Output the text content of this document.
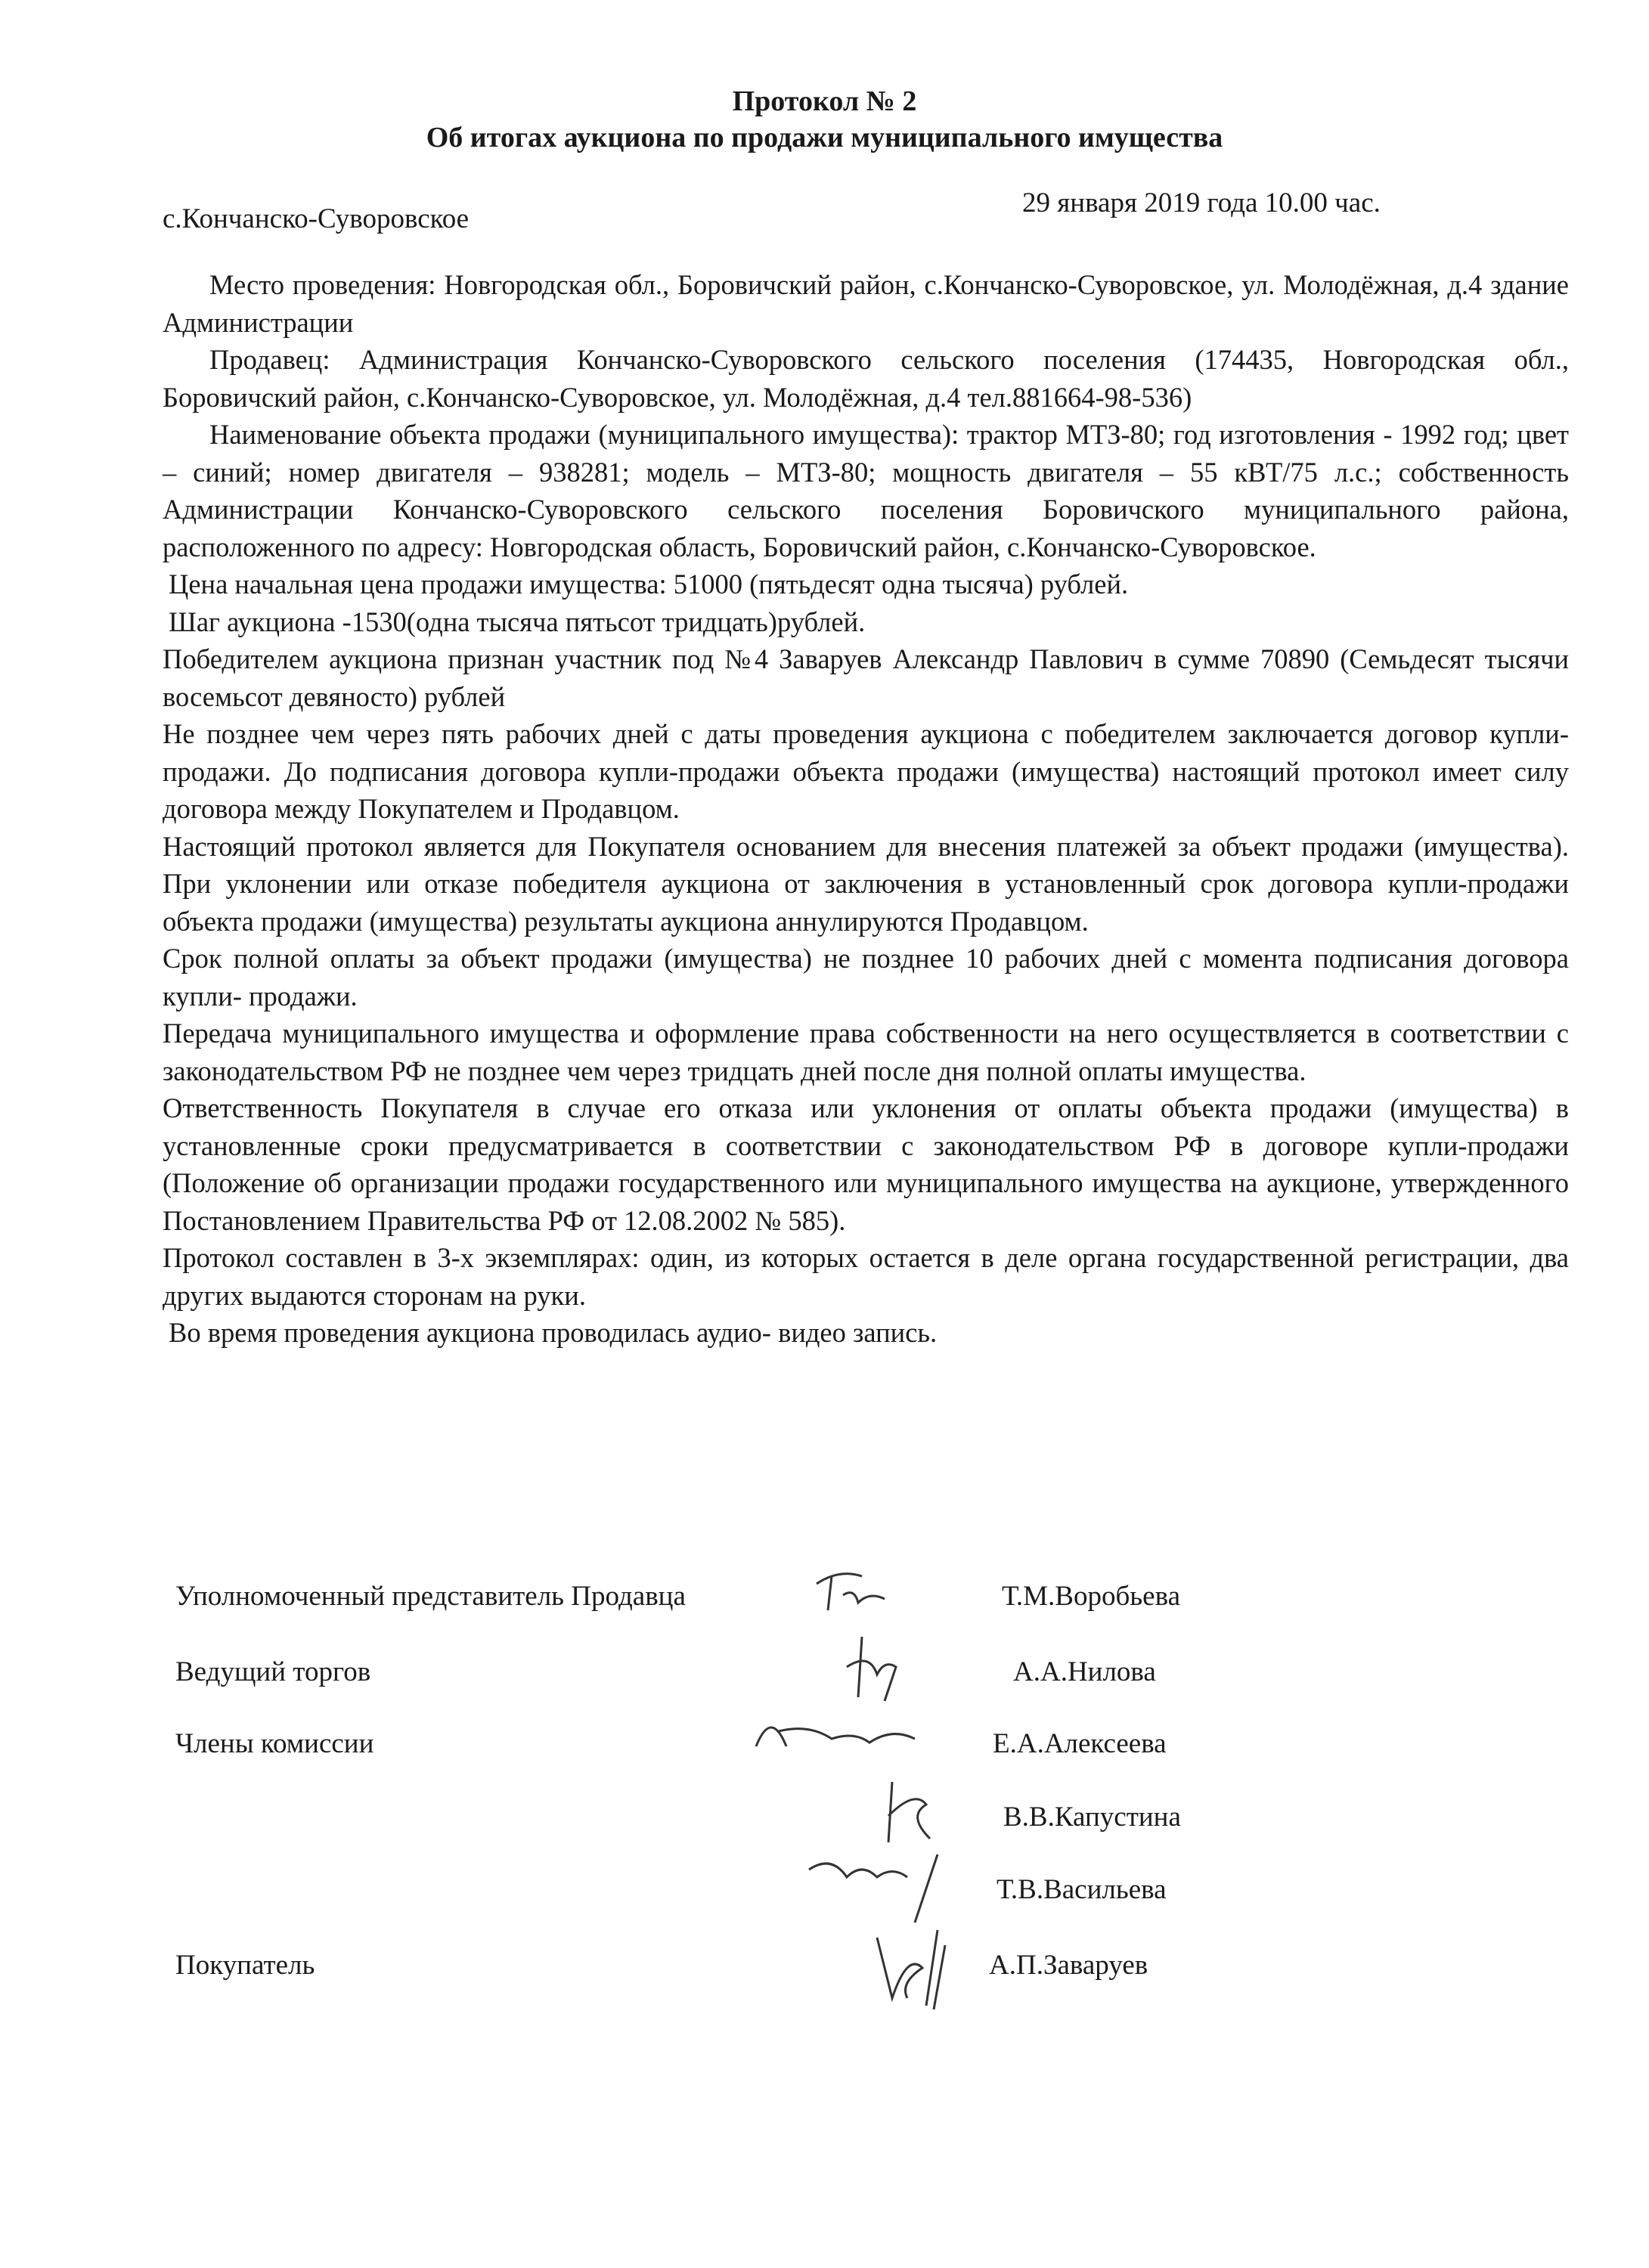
Протокол № 2
Об итогах аукциона по продажи муниципального имущества
с.Кончанско-Суворовское
29 января 2019 года 10.00 час.

Место проведения: Новгородская обл., Боровичский район, с.Кончанско-Суворовское, ул. Молодёжная, д.4 здание Администрации

Продавец: Администрация Кончанско-Суворовского сельского поселения (174435, Новгородская обл., Боровичский район, с.Кончанско-Суворовское, ул. Молодёжная, д.4 тел.881664-98-536)

Наименование объекта продажи (муниципального имущества): трактор МТЗ-80; год изготовления - 1992 год; цвет – синий; номер двигателя – 938281; модель – МТЗ-80; мощность двигателя – 55 кВТ/75 л.с.; собственность Администрации Кончанско-Суворовского сельского поселения Боровичского муниципального района, расположенного по адресу: Новгородская область, Боровичский район, с.Кончанско-Суворовское.

Цена начальная цена продажи имущества: 51000 (пятьдесят одна тысяча) рублей.

Шаг аукциона -1530(одна тысяча пятьсот тридцать)рублей.

Победителем аукциона признан участник под №4 Заваруев Александр Павлович в сумме 70890 (Семьдесят тысячи восемьсот девяносто) рублей

Не позднее чем через пять рабочих дней с даты проведения аукциона с победителем заключается договор купли-продажи. До подписания договора купли-продажи объекта продажи (имущества) настоящий протокол имеет силу договора между Покупателем и Продавцом.

Настоящий протокол является для Покупателя основанием для внесения платежей за объект продажи (имущества). При уклонении или отказе победителя аукциона от заключения в установленный срок договора купли-продажи объекта продажи (имущества) результаты аукциона аннулируются Продавцом.

Срок полной оплаты за объект продажи (имущества) не позднее 10 рабочих дней с момента подписания договора купли- продажи.

Передача муниципального имущества и оформление права собственности на него осуществляется в соответствии с законодательством РФ не позднее чем через тридцать дней после дня полной оплаты имущества.

Ответственность Покупателя в случае его отказа или уклонения от оплаты объекта продажи (имущества) в установленные сроки предусматривается в соответствии с законодательством РФ в договоре купли-продажи (Положение об организации продажи государственного или муниципального имущества на аукционе, утвержденного Постановлением Правительства РФ от 12.08.2002 № 585).

Протокол составлен в 3-х экземплярах: один, из которых остается в деле органа государственной регистрации, два других выдаются сторонам на руки.

Во время проведения аукциона проводилась аудио- видео запись.

Уполномоченный представитель Продавца	Т.М.Воробьева
Ведущий торгов	А.А.Нилова
Члены комиссии	Е.А.Алексеева
В.В.Капустина
Т.В.Васильева
Покупатель	А.П.Заваруев
